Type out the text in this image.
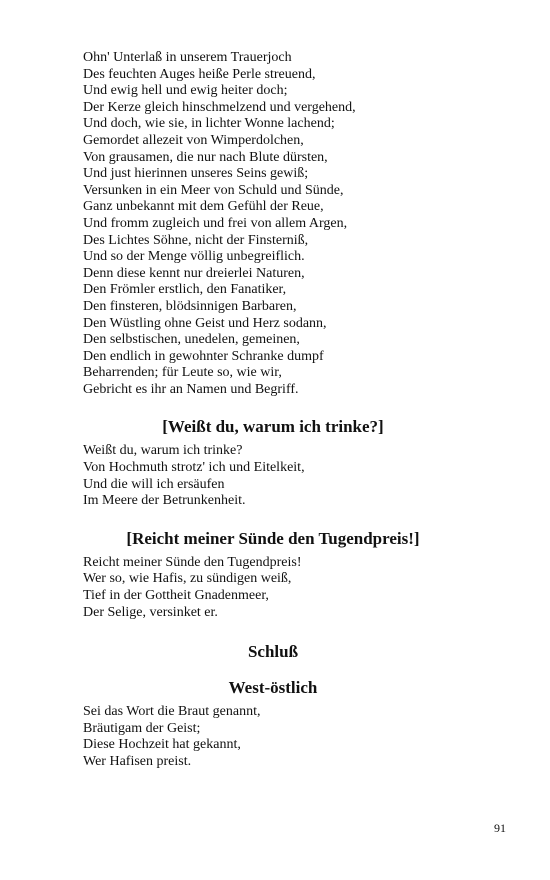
Ohn' Unterlaß in unserem Trauerjoch
Des feuchten Auges heiße Perle streuend,
Und ewig hell und ewig heiter doch;
Der Kerze gleich hinschmelzend und vergehend,
Und doch, wie sie, in lichter Wonne lachend;
Gemordet allezeit von Wimperdolchen,
Von grausamen, die nur nach Blute dürsten,
Und just hierinnen unseres Seins gewiß;
Versunken in ein Meer von Schuld und Sünde,
Ganz unbekannt mit dem Gefühl der Reue,
Und fromm zugleich und frei von allem Argen,
Des Lichtes Söhne, nicht der Finsterniß,
Und so der Menge völlig unbegreiflich.
Denn diese kennt nur dreierlei Naturen,
Den Frömler erstlich, den Fanatiker,
Den finsteren, blödsinnigen Barbaren,
Den Wüstling ohne Geist und Herz sodann,
Den selbstischen, unedelen, gemeinen,
Den endlich in gewohnter Schranke dumpf
Beharrenden; für Leute so, wie wir,
Gebricht es ihr an Namen und Begriff.
[Weißt du, warum ich trinke?]
Weißt du, warum ich trinke?
Von Hochmuth strotz' ich und Eitelkeit,
Und die will ich ersäufen
Im Meere der Betrunkenheit.
[Reicht meiner Sünde den Tugendpreis!]
Reicht meiner Sünde den Tugendpreis!
Wer so, wie Hafis, zu sündigen weiß,
Tief in der Gottheit Gnadenmeer,
Der Selige, versinket er.
Schluß
West-östlich
Sei das Wort die Braut genannt,
Bräutigam der Geist;
Diese Hochzeit hat gekannt,
Wer Hafisen preist.
91
